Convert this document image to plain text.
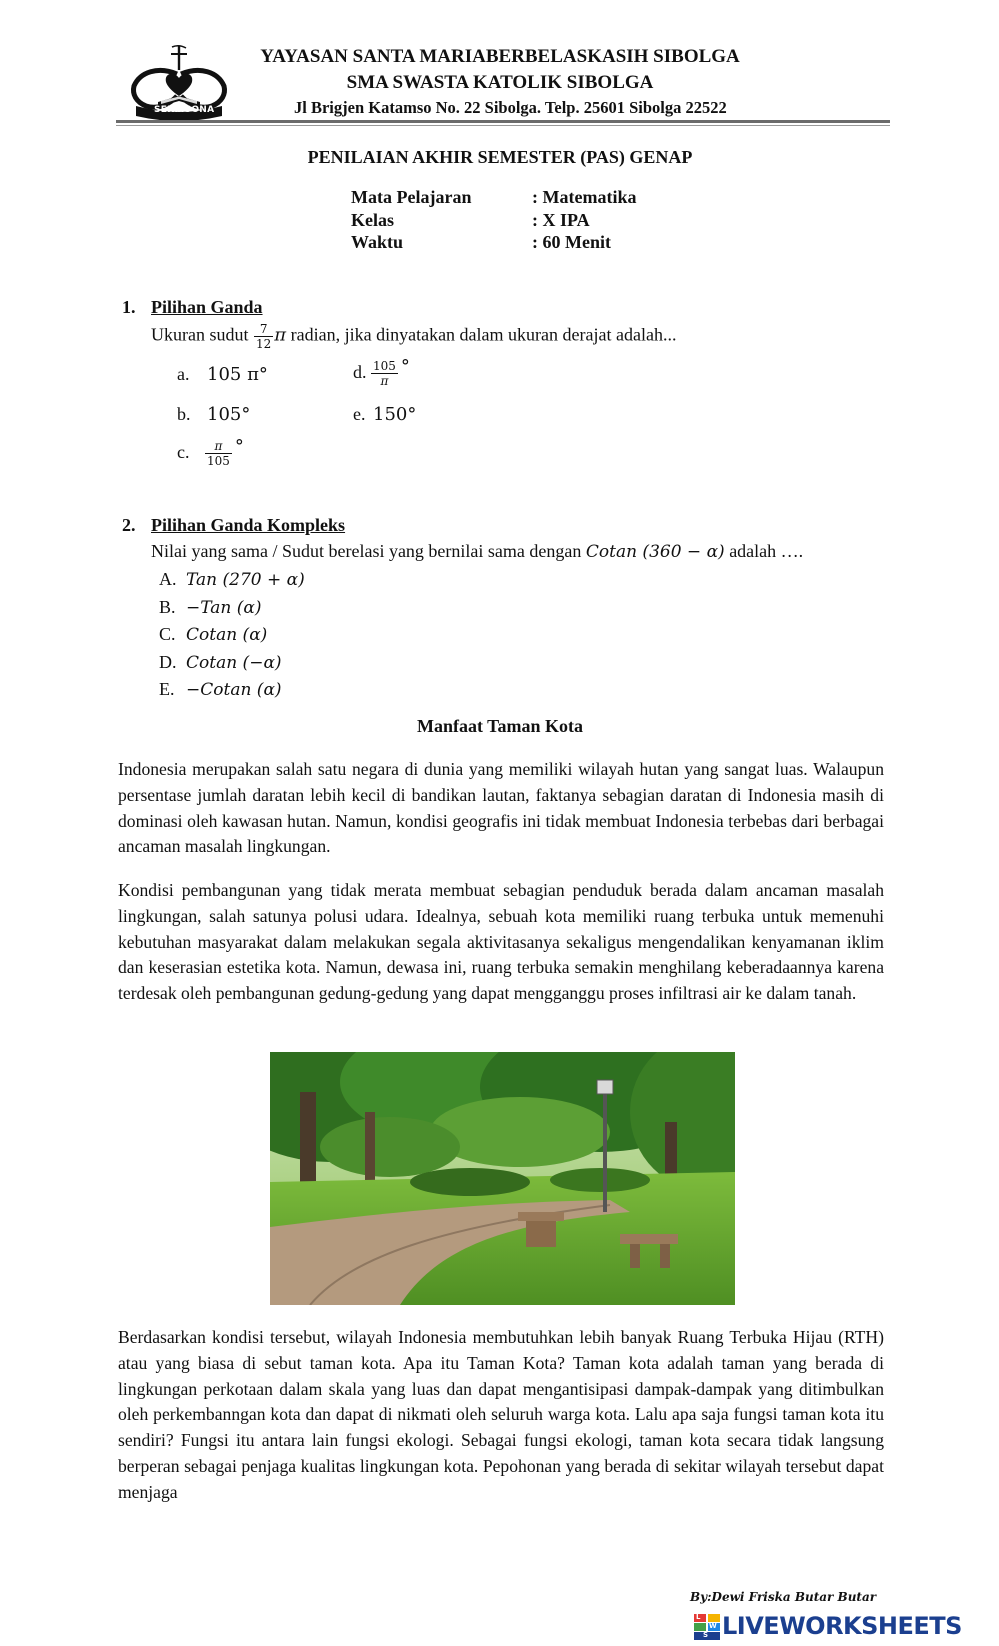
SERFISONA
YAYASAN SANTA MARIABERBELASKASIH SIBOLGA
SMA SWASTA KATOLIK SIBOLGA
Jl Brigjen Katamso No. 22 Sibolga. Telp. 25601 Sibolga 22522
PENILAIAN AKHIR SEMESTER (PAS) GENAP
Mata Pelajaran	: Matematika
Kelas	: X IPA
Waktu	: 60 Menit
1. Pilihan Ganda
Ukuran sudut $\frac{7}{12}$ π radian, jika dinyatakan dalam ukuran derajat adalah...
a. 105 π°	d. $\frac{105}{\pi}$ °
b. 105°	e. 150°
c. $\frac{\pi}{105}$ °
2. Pilihan Ganda Kompleks
Nilai yang sama / Sudut berelasi yang bernilai sama dengan Cotan (360 − α) adalah ….
A. Tan (270 + α)
B. −Tan (α)
C. Cotan (α)
D. Cotan (−α)
E. −Cotan (α)
Manfaat Taman Kota
Indonesia merupakan salah satu negara di dunia yang memiliki wilayah hutan yang sangat luas. Walaupun persentase jumlah daratan lebih kecil di bandikan lautan, faktanya sebagian daratan di Indonesia masih di dominasi oleh kawasan hutan. Namun, kondisi geografis ini tidak membuat Indonesia terbebas dari berbagai ancaman masalah lingkungan.
Kondisi pembangunan yang tidak merata membuat sebagian penduduk berada dalam ancaman masalah lingkungan, salah satunya polusi udara. Idealnya, sebuah kota memiliki ruang terbuka untuk memenuhi kebutuhan masyarakat dalam melakukan segala aktivitasanya sekaligus mengendalikan kenyamanan iklim dan keserasian estetika kota. Namun, dewasa ini, ruang terbuka semakin menghilang keberadaannya karena terdesak oleh pembangunan gedung-gedung yang dapat mengganggu proses infiltrasi air ke dalam tanah.
Berdasarkan kondisi tersebut, wilayah Indonesia membutuhkan lebih banyak Ruang Terbuka Hijau (RTH) atau yang biasa di sebut taman kota. Apa itu Taman Kota? Taman kota adalah taman yang berada di lingkungan perkotaan dalam skala yang luas dan dapat mengantisipasi dampak-dampak yang ditimbulkan oleh perkembanngan kota dan dapat di nikmati oleh seluruh warga kota. Lalu apa saja fungsi taman kota itu sendiri? Fungsi itu antara lain fungsi ekologi. Sebagai fungsi ekologi, taman kota secara tidak langsung berperan sebagai penjaga kualitas lingkungan kota. Pepohonan yang berada di sekitar wilayah tersebut dapat menjaga
By:Dewi Friska Butar Butar
L
W
S LIVEWORKSHEETS
